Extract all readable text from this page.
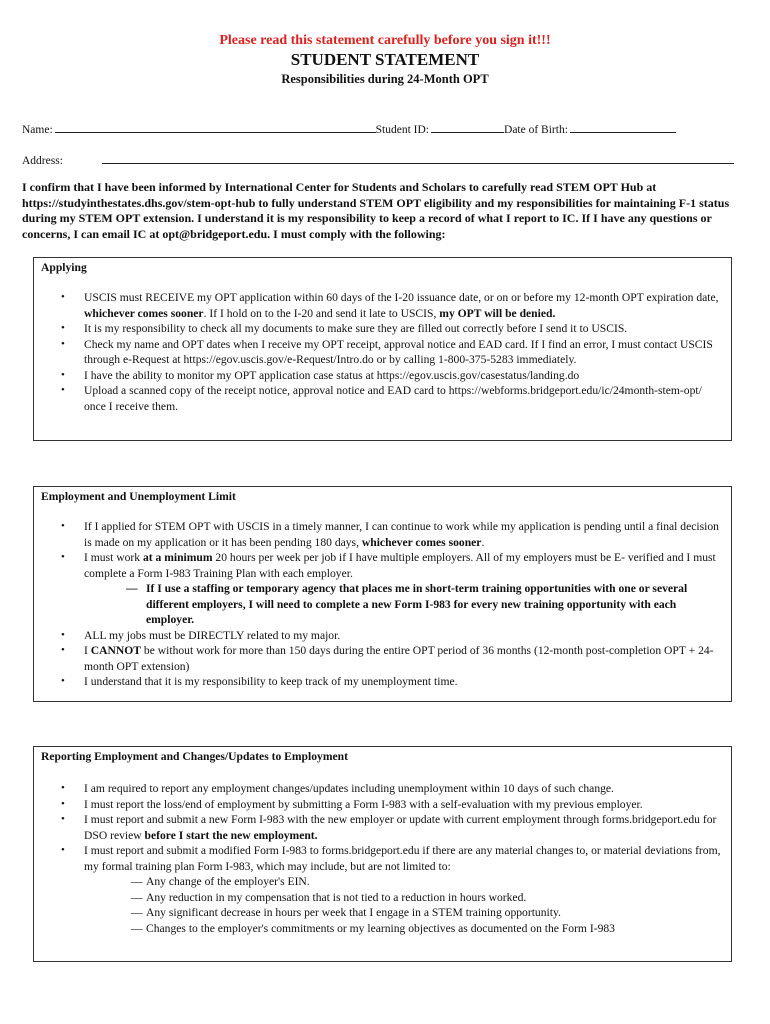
Please read this statement carefully before you sign it!!!
STUDENT STATEMENT
Responsibilities during 24-Month OPT
Name:	Student ID:	Date of Birth:
Address:
I confirm that I have been informed by International Center for Students and Scholars to carefully read STEM OPT Hub at https://studyinthestates.dhs.gov/stem-opt-hub to fully understand STEM OPT eligibility and my responsibilities for maintaining F-1 status during my STEM OPT extension. I understand it is my responsibility to keep a record of what I report to IC. If I have any questions or concerns, I can email IC at opt@bridgeport.edu. I must comply with the following:
Applying
• USCIS must RECEIVE my OPT application within 60 days of the I-20 issuance date, or on or before my 12-month OPT expiration date, whichever comes sooner. If I hold on to the I-20 and send it late to USCIS, my OPT will be denied.
• It is my responsibility to check all my documents to make sure they are filled out correctly before I send it to USCIS.
• Check my name and OPT dates when I receive my OPT receipt, approval notice and EAD card. If I find an error, I must contact USCIS through e-Request at https://egov.uscis.gov/e-Request/Intro.do or by calling 1-800-375-5283 immediately.
• I have the ability to monitor my OPT application case status at https://egov.uscis.gov/casestatus/landing.do
• Upload a scanned copy of the receipt notice, approval notice and EAD card to https://webforms.bridgeport.edu/ic/24month-stem-opt/ once I receive them.
Employment and Unemployment Limit
• If I applied for STEM OPT with USCIS in a timely manner, I can continue to work while my application is pending until a final decision is made on my application or it has been pending 180 days, whichever comes sooner.
• I must work at a minimum 20 hours per week per job if I have multiple employers. All of my employers must be E- verified and I must complete a Form I-983 Training Plan with each employer.
— If I use a staffing or temporary agency that places me in short-term training opportunities with one or several different employers, I will need to complete a new Form I-983 for every new training opportunity with each employer.
• ALL my jobs must be DIRECTLY related to my major.
• I CANNOT be without work for more than 150 days during the entire OPT period of 36 months (12-month post-completion OPT + 24-month OPT extension)
• I understand that it is my responsibility to keep track of my unemployment time.
Reporting Employment and Changes/Updates to Employment
• I am required to report any employment changes/updates including unemployment within 10 days of such change.
• I must report the loss/end of employment by submitting a Form I-983 with a self-evaluation with my previous employer.
• I must report and submit a new Form I-983 with the new employer or update with current employment through forms.bridgeport.edu for DSO review before I start the new employment.
• I must report and submit a modified Form I-983 to forms.bridgeport.edu if there are any material changes to, or material deviations from, my formal training plan Form I-983, which may include, but are not limited to:
— Any change of the employer's EIN.
— Any reduction in my compensation that is not tied to a reduction in hours worked.
— Any significant decrease in hours per week that I engage in a STEM training opportunity.
— Changes to the employer's commitments or my learning objectives as documented on the Form I-983
